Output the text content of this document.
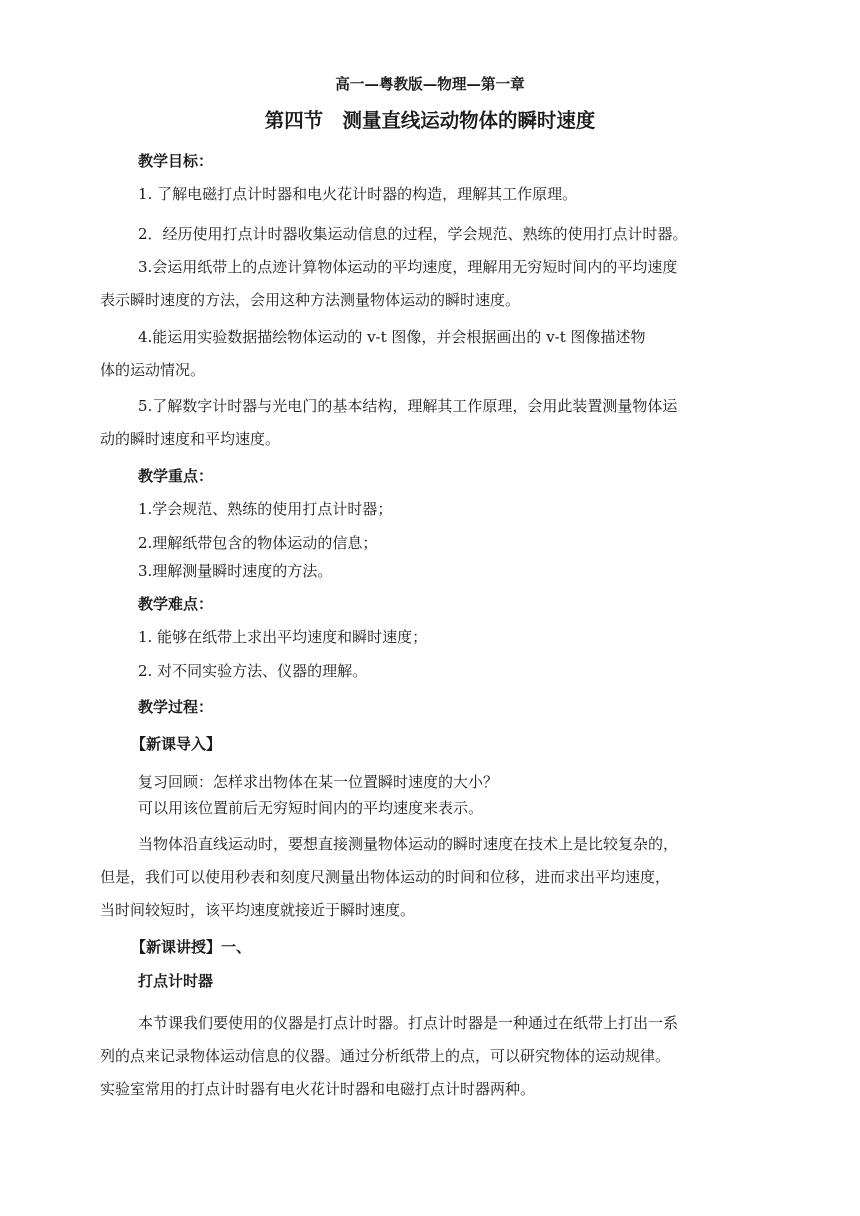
高一—粤教版—物理—第一章
第四节　测量直线运动物体的瞬时速度
教学目标：
1. 了解电磁打点计时器和电火花计时器的构造，理解其工作原理。
2．经历使用打点计时器收集运动信息的过程，学会规范、熟练的使用打点计时器。
3.会运用纸带上的点迹计算物体运动的平均速度，理解用无穷短时间内的平均速度
表示瞬时速度的方法，会用这种方法测量物体运动的瞬时速度。
4.能运用实验数据描绘物体运动的 v-t 图像，并会根据画出的 v-t 图像描述物
体的运动情况。
5.了解数字计时器与光电门的基本结构，理解其工作原理，会用此装置测量物体运
动的瞬时速度和平均速度。
教学重点：
1.学会规范、熟练的使用打点计时器；
2.理解纸带包含的物体运动的信息；
3.理解测量瞬时速度的方法。
教学难点：
1. 能够在纸带上求出平均速度和瞬时速度；
2. 对不同实验方法、仪器的理解。
教学过程：
【新课导入】
复习回顾：怎样求出物体在某一位置瞬时速度的大小？
可以用该位置前后无穷短时间内的平均速度来表示。
当物体沿直线运动时，要想直接测量物体运动的瞬时速度在技术上是比较复杂的，
但是，我们可以使用秒表和刻度尺测量出物体运动的时间和位移，进而求出平均速度，
当时间较短时，该平均速度就接近于瞬时速度。
【新课讲授】一、
打点计时器
本节课我们要使用的仪器是打点计时器。打点计时器是一种通过在纸带上打出一系
列的点来记录物体运动信息的仪器。通过分析纸带上的点，可以研究物体的运动规律。
实验室常用的打点计时器有电火花计时器和电磁打点计时器两种。
